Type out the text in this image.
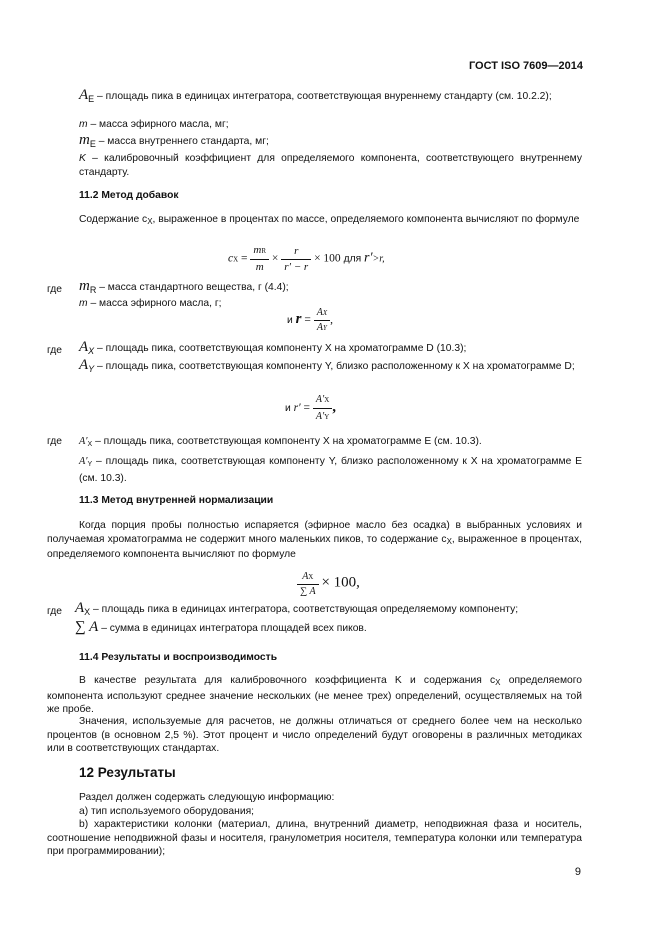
ГОСТ ISO 7609—2014
AE – площадь пика в единицах интегратора, соответствующая внуреннему стандарту (см. 10.2.2);
m – масса эфирного масла, мг;
mE – масса внутреннего стандарта, мг;
K – калибровочный коэффициент для определяемого компонента, соответствующего внутреннему стандарту.
11.2 Метод добавок
Содержание cX, выраженное в процентах по массе, определяемого компонента вычисляют по формуле
cX = $\frac{mR}{m} \times \frac{r}{r' - r} \times 100$ для r′>r,
где mR – масса стандартного вещества, г (4.4);
m – масса эфирного масла, г;
и $r = \frac{AX}{AY}$ ,
где AX – площадь пика, соответствующая компоненту X на хроматограмме D (10.3);
AY – площадь пика, соответствующая компоненту Y, близко расположенному к X на хроматограмме D;
и $r' = \frac{A'X}{A'Y}$ ,
где A′X – площадь пика, соответствующая компоненту X на хроматограмме E (см. 10.3).
A′Y – площадь пика, соответствующая компоненту Y, близко расположенному к X на хроматограмме E (см. 10.3).
11.3 Метод внутренней нормализации
Когда порция пробы полностью испаряется (эфирное масло без осадка) в выбранных условиях и получаемая хроматограмма не содержит много маленьких пиков, то содержание cX, выраженное в процентах, определяемого компонента вычисляют по формуле
$\frac{AX}{\sum A} \times 100$,
где AX – площадь пика в единицах интегратора, соответствующая определяемому компоненту;
∑ A – сумма в единицах интегратора площадей всех пиков.
11.4 Результаты и воспроизводимость
В качестве результата для калибровочного коэффициента K и содержания cX определяемого компонента используют среднее значение нескольких (не менее трех) определений, осуществляемых на той же пробе.
Значения, используемые для расчетов, не должны отличаться от среднего более чем на несколько процентов (в основном 2,5 %). Этот процент и число определений будут оговорены в различных методиках или в соответствующих стандартах.
12 Результаты
Раздел должен содержать следующую информацию:
а) тип используемого оборудования;
b) характеристики колонки (материал, длина, внутренний диаметр, неподвижная фаза и носитель, соотношение неподвижной фазы и носителя, гранулометрия носителя, температура колонки или температура при программировании);
9
